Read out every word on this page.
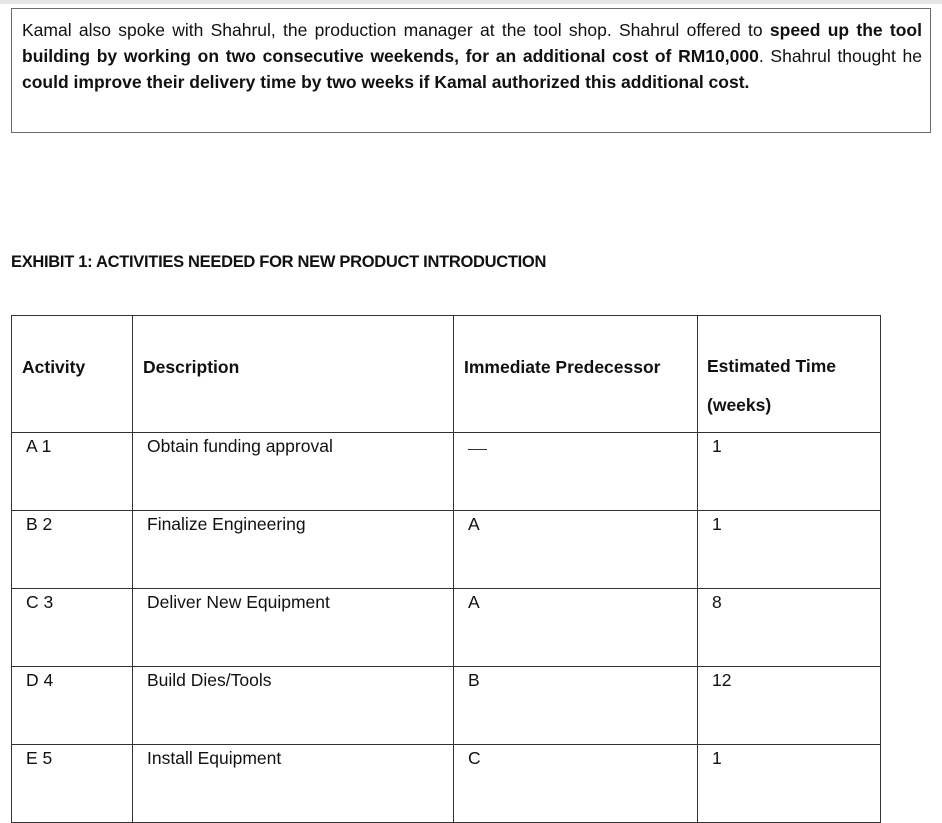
Kamal also spoke with Shahrul, the production manager at the tool shop. Shahrul offered to speed up the tool building by working on two consecutive weekends, for an additional cost of RM10,000. Shahrul thought he could improve their delivery time by two weeks if Kamal authorized this additional cost.
EXHIBIT 1: ACTIVITIES NEEDED FOR NEW PRODUCT INTRODUCTION
Activity	Description	Immediate Predecessor	Estimated Time
(weeks)

A 1	Obtain funding approval		1

B 2	Finalize Engineering	A	1

C 3	Deliver New Equipment	A	8

D 4	Build Dies/Tools	B	12

E 5	Install Equipment	C	1
